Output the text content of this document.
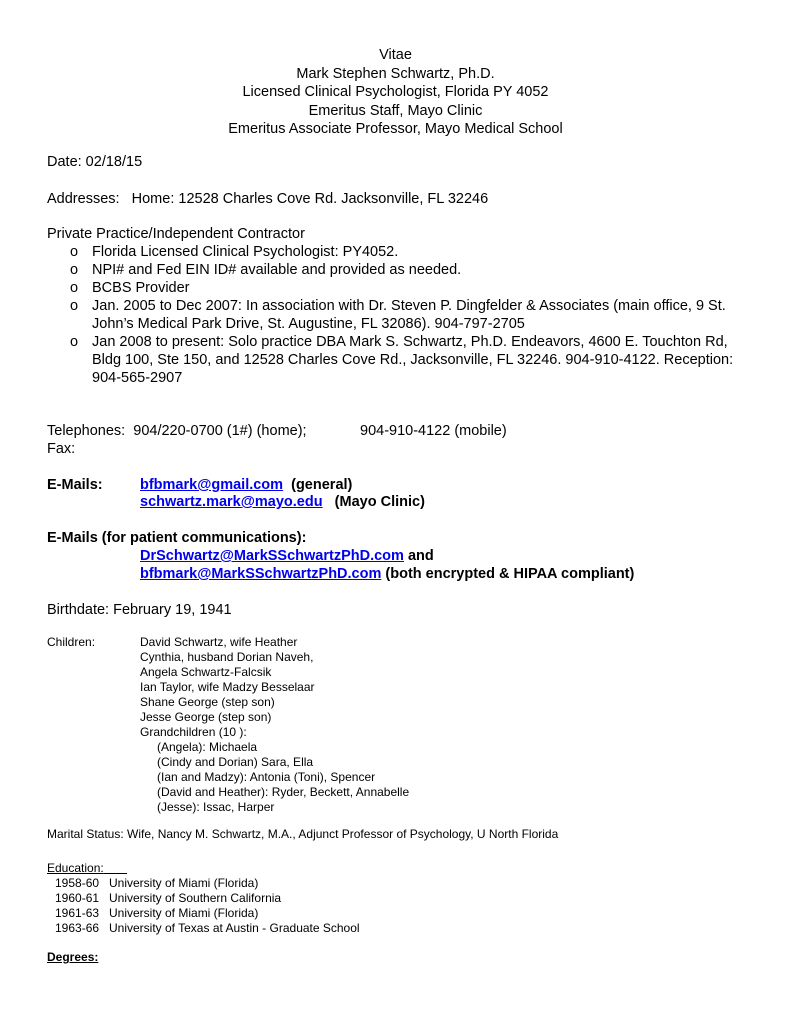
Vitae
Mark Stephen Schwartz, Ph.D.
Licensed Clinical Psychologist, Florida PY 4052
Emeritus Staff, Mayo Clinic
Emeritus Associate Professor, Mayo Medical School
Date: 02/18/15
Addresses: Home: 12528 Charles Cove Rd. Jacksonville, FL 32246
Private Practice/Independent Contractor
o Florida Licensed Clinical Psychologist: PY4052.
o NPI# and Fed EIN ID# available and provided as needed.
o BCBS Provider
o Jan. 2005 to Dec 2007: In association with Dr. Steven P. Dingfelder & Associates (main office, 9 St. John’s Medical Park Drive, St. Augustine, FL 32086). 904-797-2705
o Jan 2008 to present: Solo practice DBA Mark S. Schwartz, Ph.D. Endeavors, 4600 E. Touchton Rd, Bldg 100, Ste 150, and 12528 Charles Cove Rd., Jacksonville, FL 32246. 904-910-4122. Reception: 904-565-2907
Telephones: 904/220-0700 (1#) (home);	904-910-4122 (mobile)
Fax:
E-Mails:	bfbmark@gmail.com (general)
schwartz.mark@mayo.edu (Mayo Clinic)
E-Mails (for patient communications):
DrSchwartz@MarkSSchwartzPhD.com and
bfbmark@MarkSSchwartzPhD.com (both encrypted & HIPAA compliant)
Birthdate: February 19, 1941
Children:	David Schwartz, wife Heather
Cynthia, husband Dorian Naveh,
Angela Schwartz-Falcsik
Ian Taylor, wife Madzy Besselaar
Shane George (step son)
Jesse George (step son)
Grandchildren (10 ):
(Angela): Michaela
(Cindy and Dorian) Sara, Ella
(Ian and Madzy): Antonia (Toni), Spencer
(David and Heather): Ryder, Beckett, Annabelle
(Jesse): Issac, Harper
Marital Status: Wife, Nancy M. Schwartz, M.A., Adjunct Professor of Psychology, U North Florida
Education:
1958-60 University of Miami (Florida)
1960-61 University of Southern California
1961-63 University of Miami (Florida)
1963-66 University of Texas at Austin - Graduate School
Degrees:
